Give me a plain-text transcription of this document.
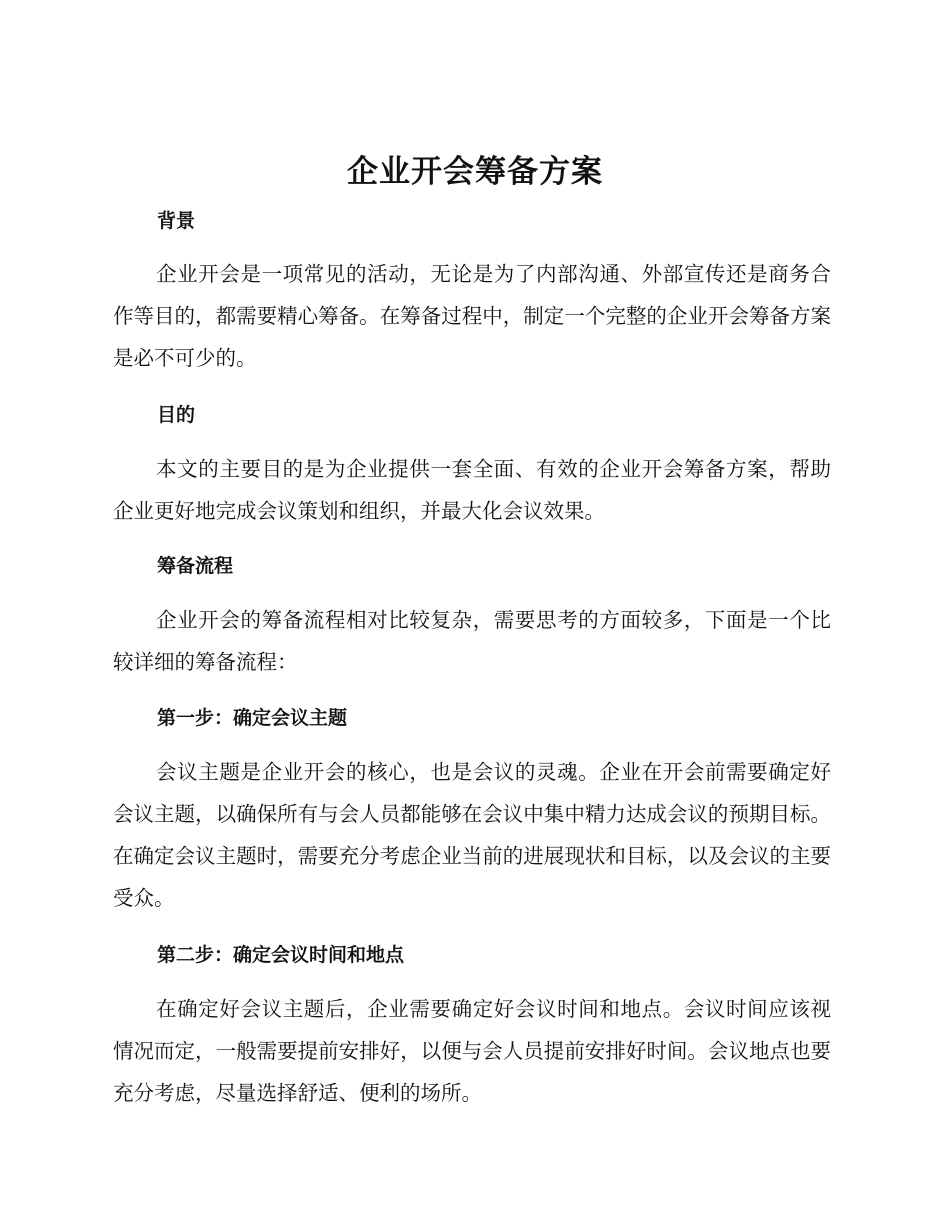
企业开会筹备方案
背景

企业开会是一项常见的活动，无论是为了内部沟通、外部宣传还是商务合作等目的，都需要精心筹备。在筹备过程中，制定一个完整的企业开会筹备方案是必不可少的。

目的

本文的主要目的是为企业提供一套全面、有效的企业开会筹备方案，帮助企业更好地完成会议策划和组织，并最大化会议效果。

筹备流程

企业开会的筹备流程相对比较复杂，需要思考的方面较多，下面是一个比较详细的筹备流程：

第一步：确定会议主题

会议主题是企业开会的核心，也是会议的灵魂。企业在开会前需要确定好会议主题，以确保所有与会人员都能够在会议中集中精力达成会议的预期目标。在确定会议主题时，需要充分考虑企业当前的进展现状和目标，以及会议的主要受众。

第二步：确定会议时间和地点

在确定好会议主题后，企业需要确定好会议时间和地点。会议时间应该视情况而定，一般需要提前安排好，以便与会人员提前安排好时间。会议地点也要充分考虑，尽量选择舒适、便利的场所。
